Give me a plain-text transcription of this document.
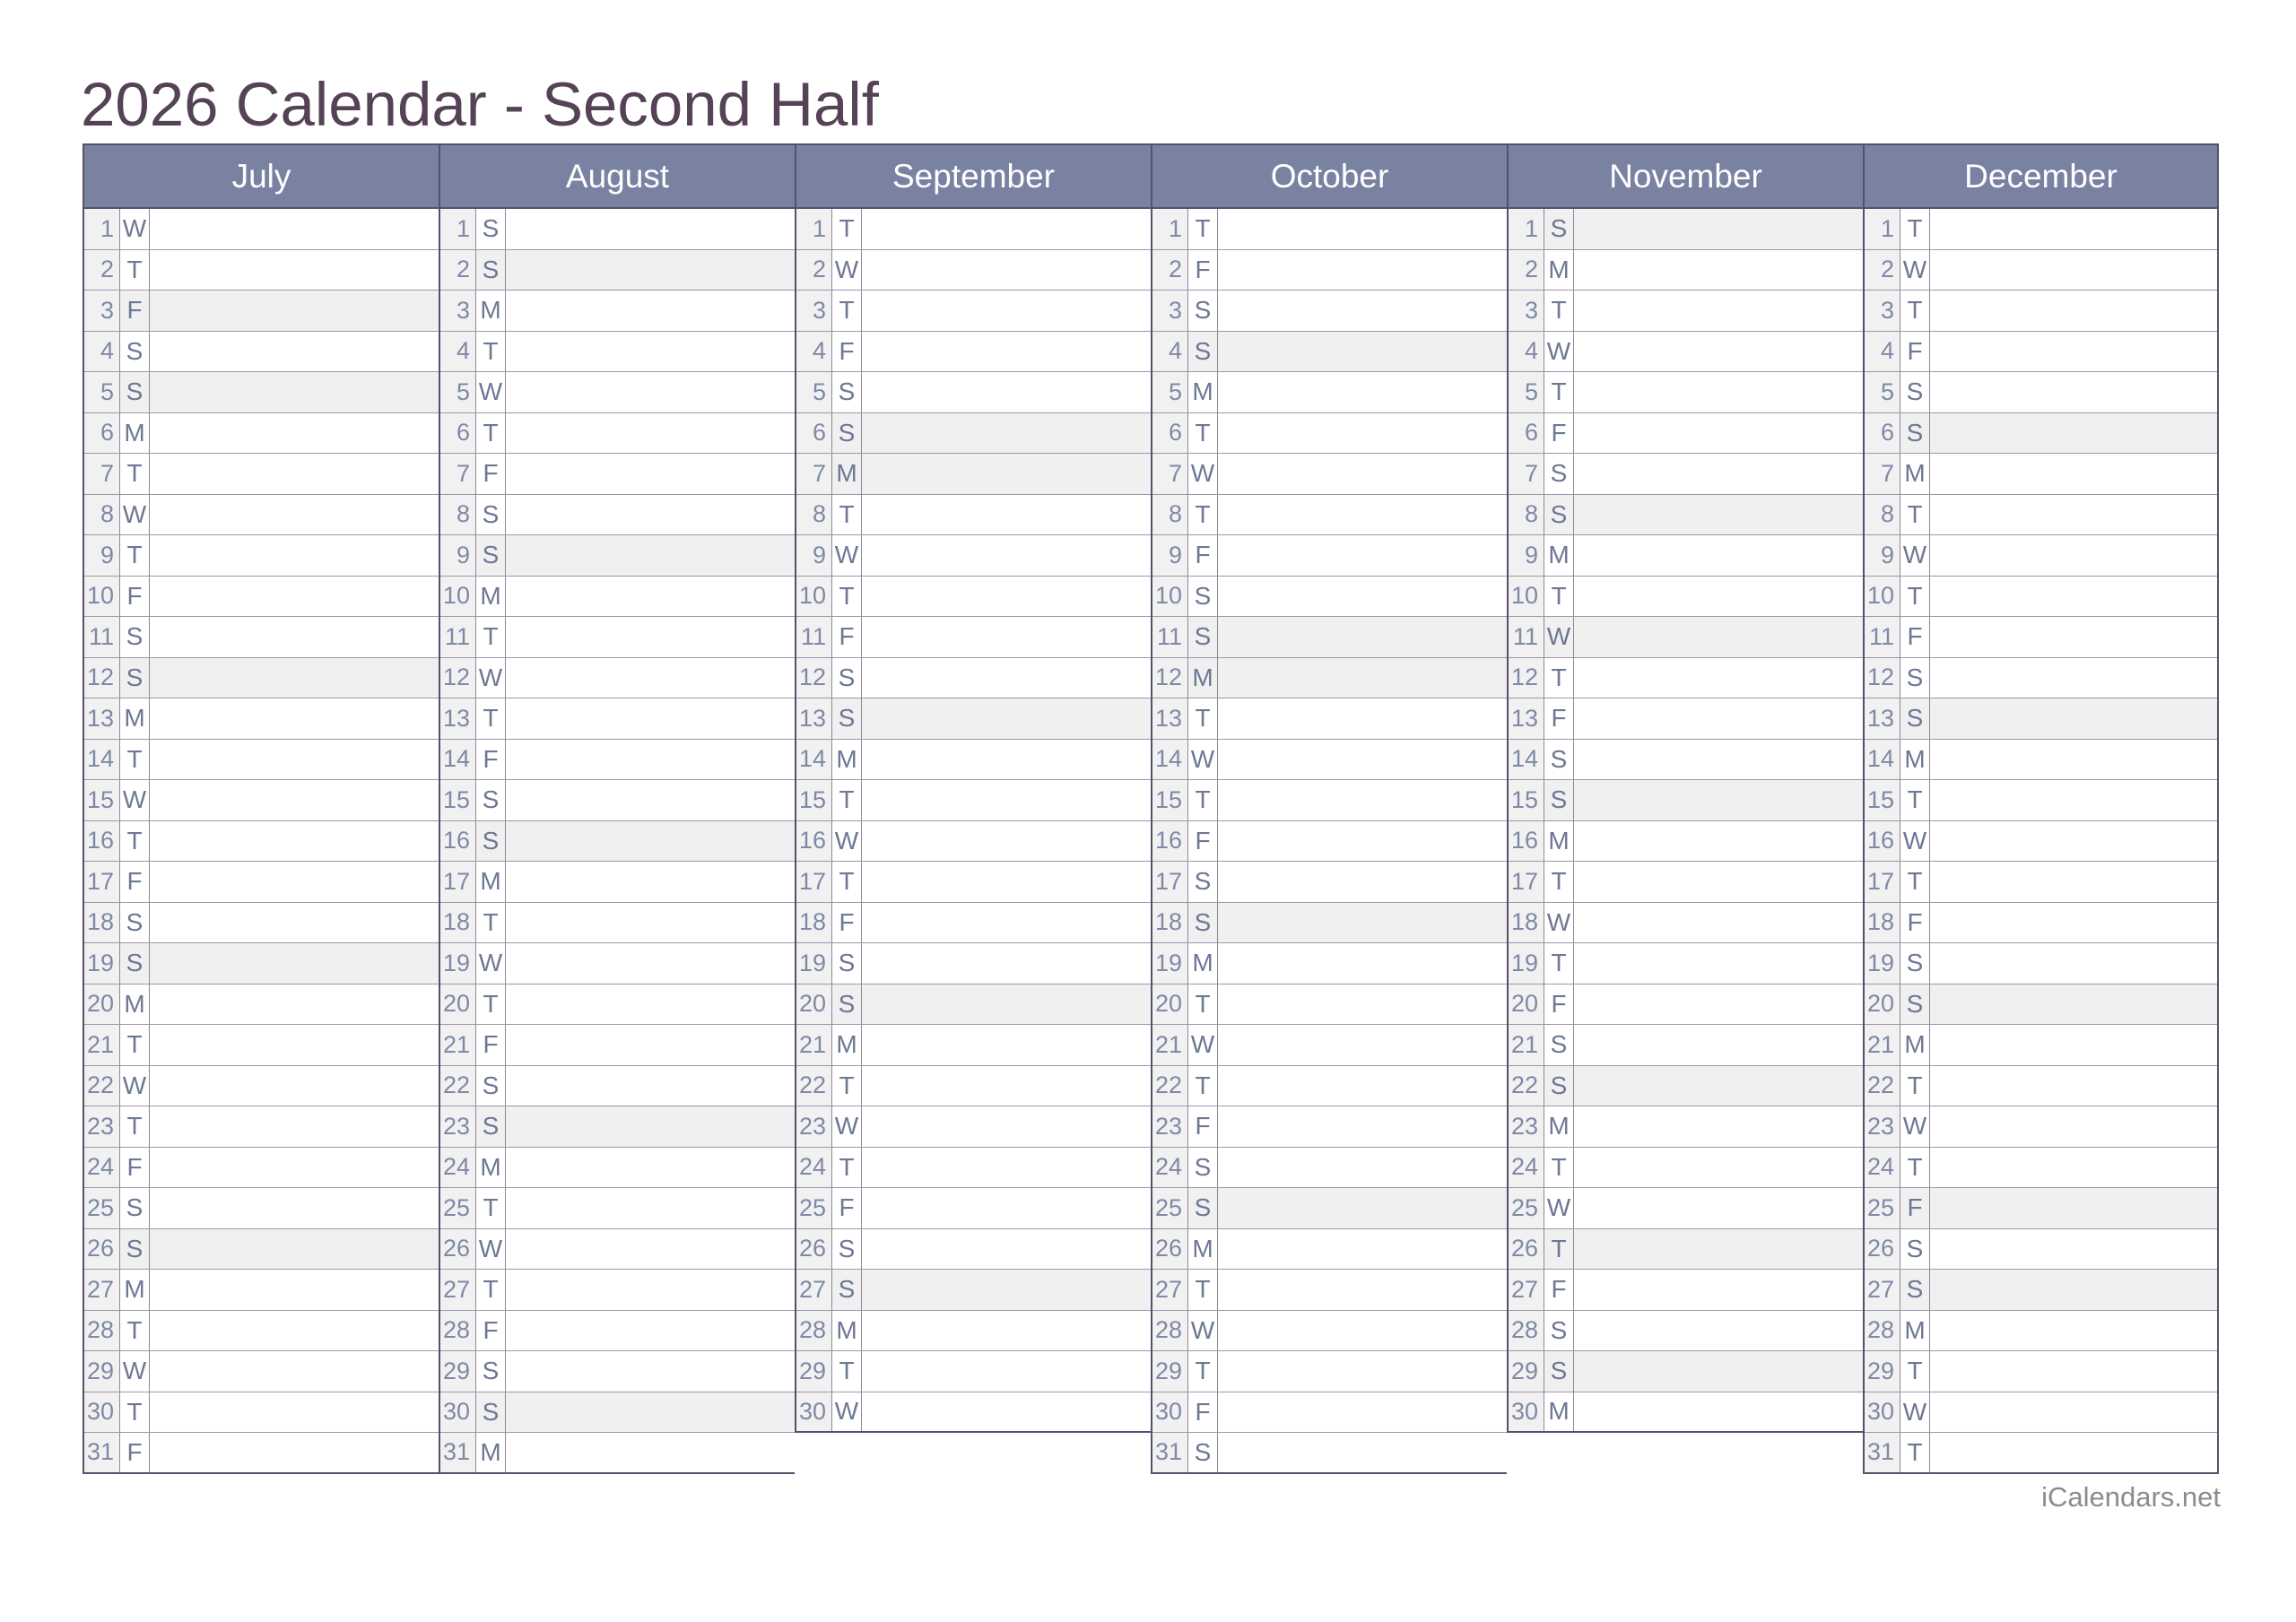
2026 Calendar - Second Half
July
1 W
2 T
3 F
4 S
5 S
6 M
7 T
8 W
9 T
10 F
11 S
12 S
13 M
14 T
15 W
16 T
17 F
18 S
19 S
20 M
21 T
22 W
23 T
24 F
25 S
26 S
27 M
28 T
29 W
30 T
31 F
August
1 S
2 S
3 M
4 T
5 W
6 T
7 F
8 S
9 S
10 M
11 T
12 W
13 T
14 F
15 S
16 S
17 M
18 T
19 W
20 T
21 F
22 S
23 S
24 M
25 T
26 W
27 T
28 F
29 S
30 S
31 M
September
1 T
2 W
3 T
4 F
5 S
6 S
7 M
8 T
9 W
10 T
11 F
12 S
13 S
14 M
15 T
16 W
17 T
18 F
19 S
20 S
21 M
22 T
23 W
24 T
25 F
26 S
27 S
28 M
29 T
30 W
October
1 T
2 F
3 S
4 S
5 M
6 T
7 W
8 T
9 F
10 S
11 S
12 M
13 T
14 W
15 T
16 F
17 S
18 S
19 M
20 T
21 W
22 T
23 F
24 S
25 S
26 M
27 T
28 W
29 T
30 F
31 S
November
1 S
2 M
3 T
4 W
5 T
6 F
7 S
8 S
9 M
10 T
11 W
12 T
13 F
14 S
15 S
16 M
17 T
18 W
19 T
20 F
21 S
22 S
23 M
24 T
25 W
26 T
27 F
28 S
29 S
30 M
December
1 T
2 W
3 T
4 F
5 S
6 S
7 M
8 T
9 W
10 T
11 F
12 S
13 S
14 M
15 T
16 W
17 T
18 F
19 S
20 S
21 M
22 T
23 W
24 T
25 F
26 S
27 S
28 M
29 T
30 W
31 T
iCalendars.net
